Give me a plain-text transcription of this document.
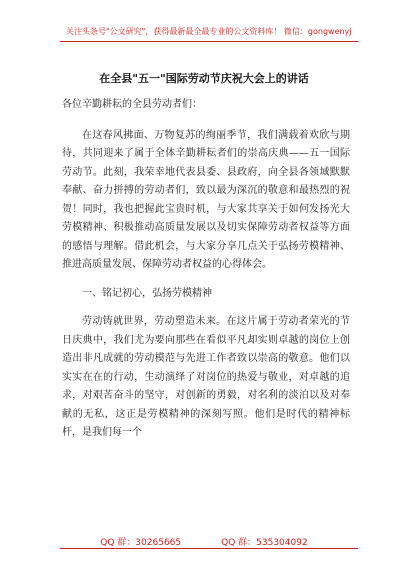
关注头条号"公文研究"，获得最新最全最专业的公文资料库！ 微信：gongwenyj
在全县"五一"国际劳动节庆祝大会上的讲话

各位辛勤耕耘的全县劳动者们：

在这春风拂面、万物复苏的绚丽季节，我们满载着欢欣与期待，共同迎来了属于全体辛勤耕耘者们的崇高庆典——五一国际劳动节。此刻，我荣幸地代表县委、县政府，向全县各领域默默奉献、奋力拼搏的劳动者们，致以最为深沉的敬意和最热烈的祝贺！同时，我也把握此宝贵时机，与大家共享关于如何发扬光大劳模精神、积极推动高质量发展以及切实保障劳动者权益等方面的感悟与理解。借此机会，与大家分享几点关于弘扬劳模精神、推进高质量发展、保障劳动者权益的心得体会。

一、铭记初心，弘扬劳模精神

劳动铸就世界，劳动塑造未来。在这片属于劳动者荣光的节日庆典中，我们尤为要向那些在看似平凡却实则卓越的岗位上创造出非凡成就的劳动模范与先进工作者致以崇高的敬意。他们以实实在在的行动，生动演绎了对岗位的热爱与敬业，对卓越的追求，对艰苦奋斗的坚守，对创新的勇毅，对名利的淡泊以及对奉献的无私，这正是劳模精神的深刻写照。他们是时代的精神标杆，是我们每一个

QQ 群：30265665	QQ 群：535304092
